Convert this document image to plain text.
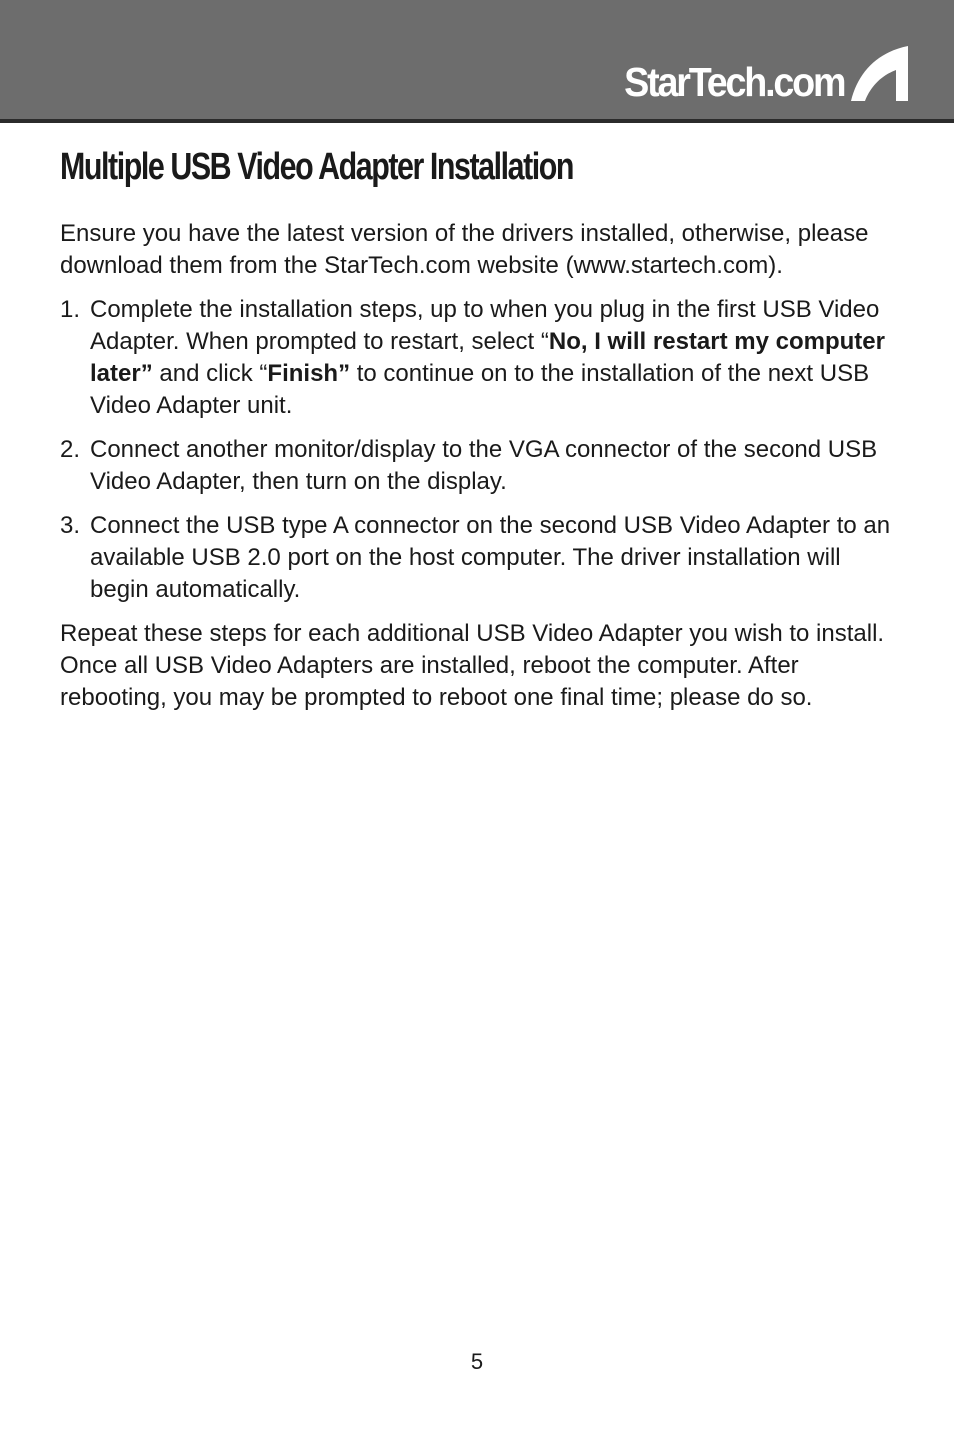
StarTech.com
Multiple USB Video Adapter Installation

Ensure you have the latest version of the drivers installed, otherwise, please download them from the StarTech.com website (www.startech.com).

1. Complete the installation steps, up to when you plug in the first USB Video Adapter. When prompted to restart, select “No, I will restart my computer later” and click “Finish” to continue on to the installation of the next USB Video Adapter unit.
2. Connect another monitor/display to the VGA connector of the second USB Video Adapter, then turn on the display.
3. Connect the USB type A connector on the second USB Video Adapter to an available USB 2.0 port on the host computer. The driver installation will begin automatically.

Repeat these steps for each additional USB Video Adapter you wish to install. Once all USB Video Adapters are installed, reboot the computer. After rebooting, you may be prompted to reboot one final time; please do so.

5
